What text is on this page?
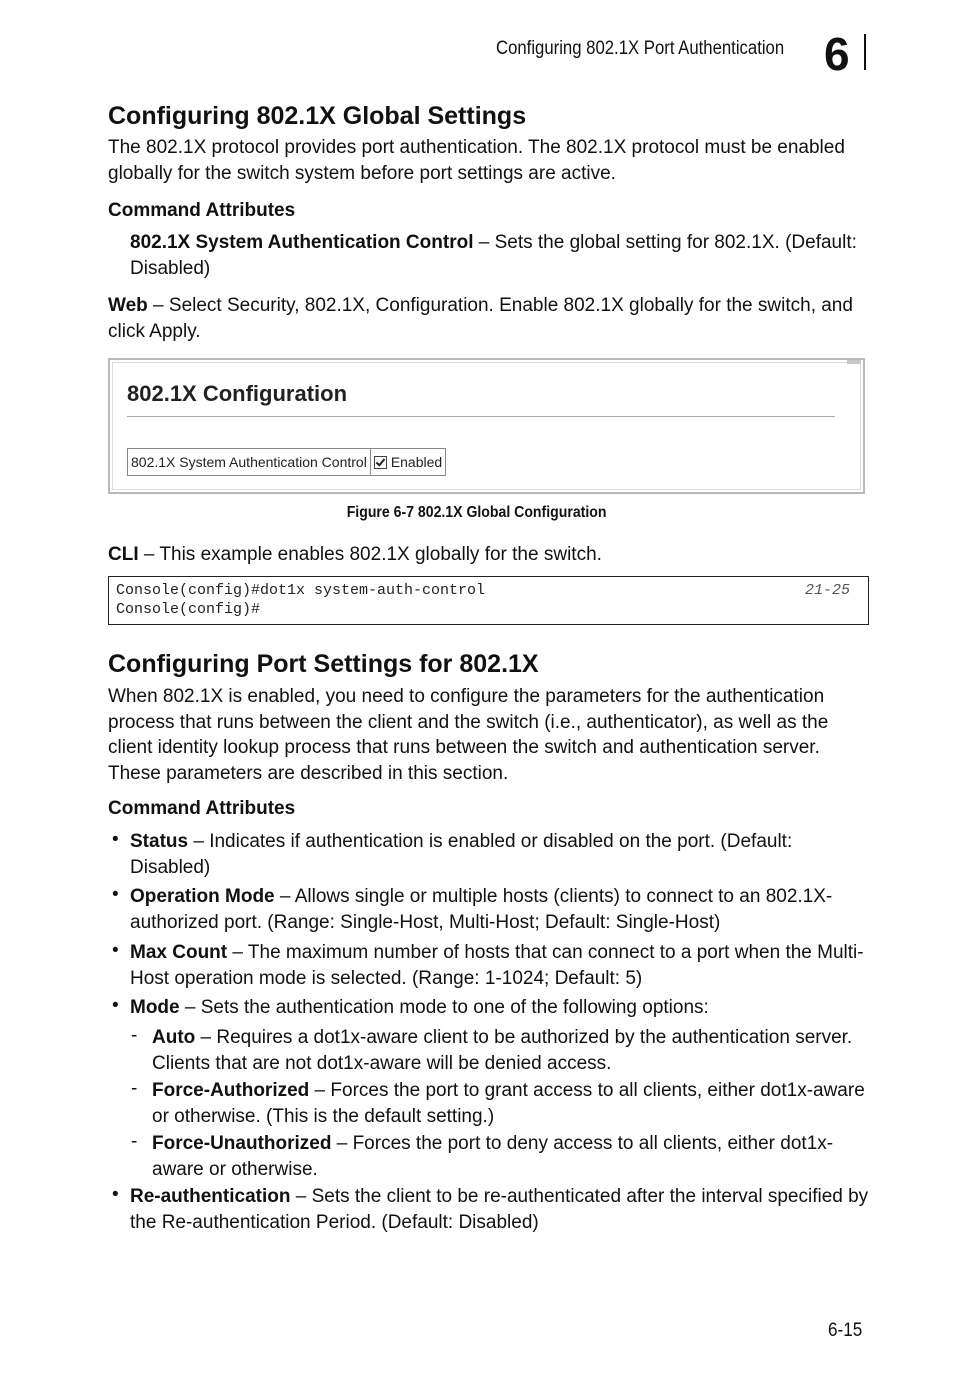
Configuring 802.1X Port Authentication 6
Configuring 802.1X Global Settings

The 802.1X protocol provides port authentication. The 802.1X protocol must be enabled globally for the switch system before port settings are active.

Command Attributes

802.1X System Authentication Control – Sets the global setting for 802.1X. (Default: Disabled)

Web – Select Security, 802.1X, Configuration. Enable 802.1X globally for the switch, and click Apply.

802.1X Configuration
802.1X System Authentication Control Enabled
Figure 6-7 802.1X Global Configuration

CLI – This example enables 802.1X globally for the switch.

Console(config)#dot1x system-auth-control
Console(config)#
21-25
Configuring Port Settings for 802.1X

When 802.1X is enabled, you need to configure the parameters for the authentication process that runs between the client and the switch (i.e., authenticator), as well as the client identity lookup process that runs between the switch and authentication server. These parameters are described in this section.

Command Attributes
• Status – Indicates if authentication is enabled or disabled on the port. (Default: Disabled)

• Operation Mode – Allows single or multiple hosts (clients) to connect to an 802.1X-authorized port. (Range: Single-Host, Multi-Host; Default: Single-Host)

• Max Count – The maximum number of hosts that can connect to a port when the Multi-Host operation mode is selected. (Range: 1-1024; Default: 5)

• Mode – Sets the authentication mode to one of the following options:

- Auto – Requires a dot1x-aware client to be authorized by the authentication server. Clients that are not dot1x-aware will be denied access.

- Force-Authorized – Forces the port to grant access to all clients, either dot1x-aware or otherwise. (This is the default setting.)

- Force-Unauthorized – Forces the port to deny access to all clients, either dot1x-aware or otherwise.

• Re-authentication – Sets the client to be re-authenticated after the interval specified by the Re-authentication Period. (Default: Disabled)

6-15
